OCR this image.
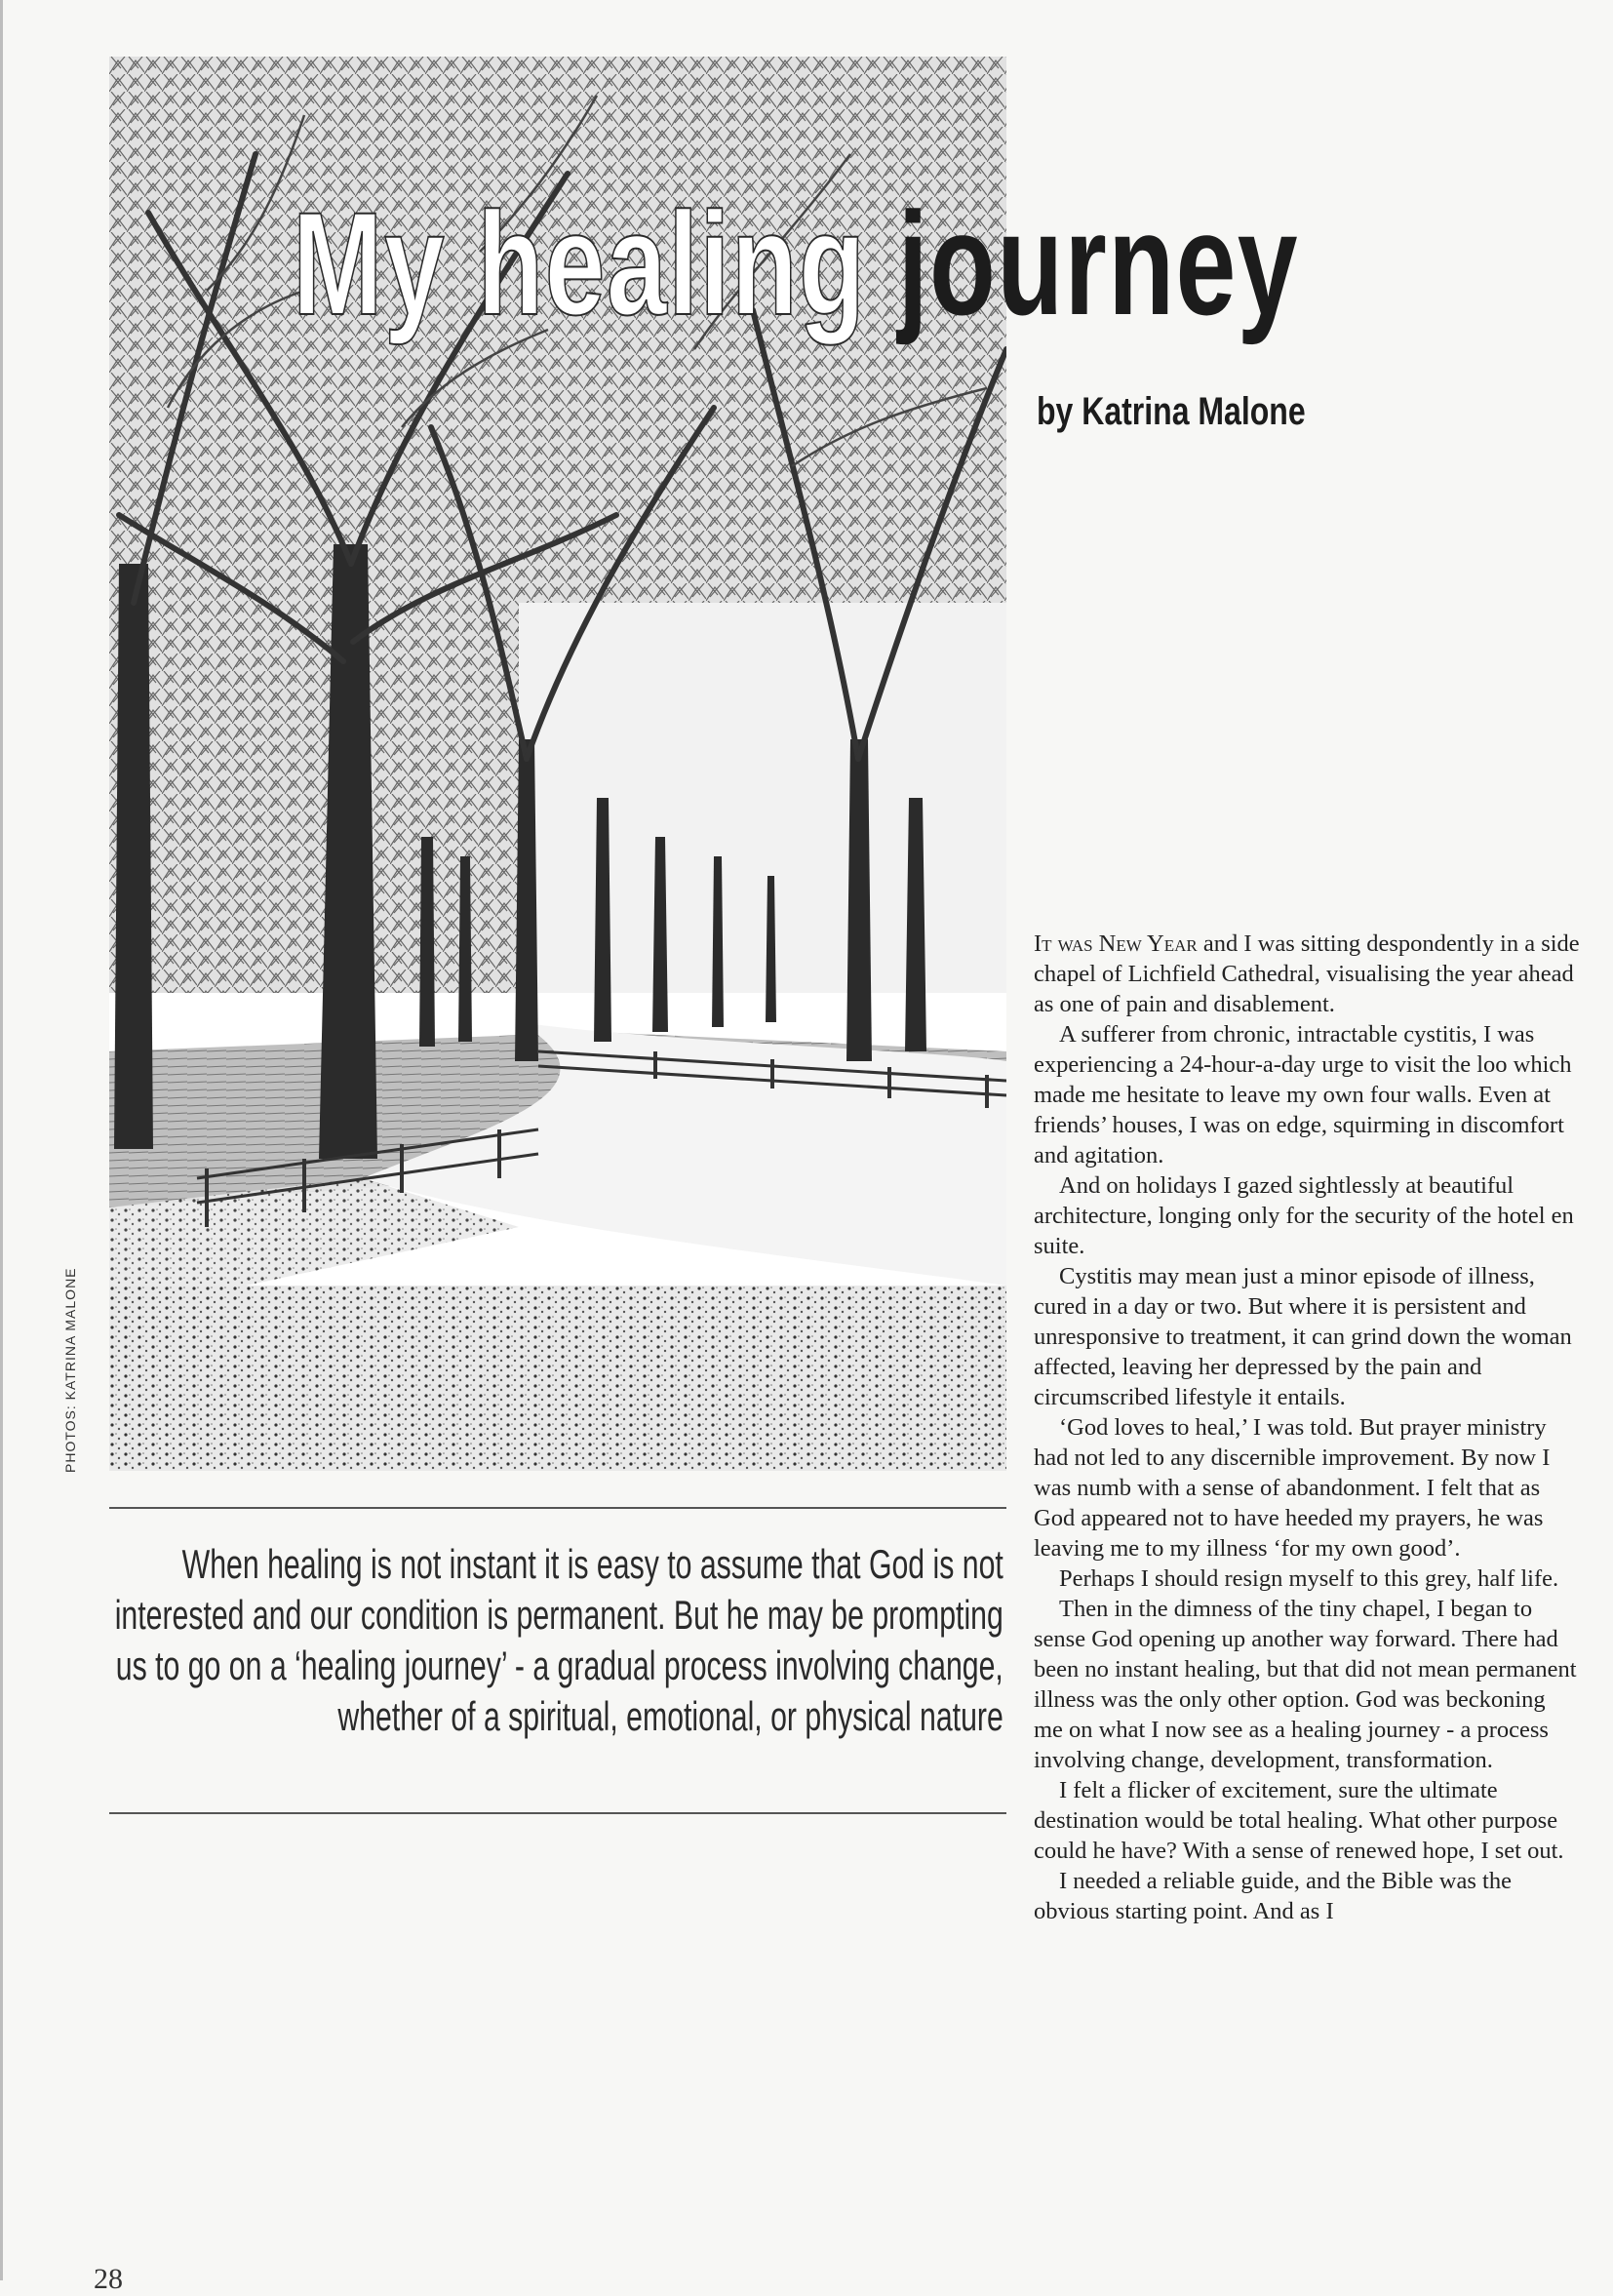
PHOTOS: KATRINA MALONE
My healing journey

by Katrina Malone

When healing is not instant it is easy to assume that God is not interested and our condition is permanent. But he may be prompting us to go on a ‘healing journey’ - a gradual process involving change, whether of a spiritual, emotional, or physical nature

It was New Year and I was sitting despondently in a side chapel of Lichfield Cathedral, visualising the year ahead as one of pain and disablement.

A sufferer from chronic, intractable cystitis, I was experiencing a 24-hour-a-day urge to visit the loo which made me hesitate to leave my own four walls. Even at friends’ houses, I was on edge, squirming in discomfort and agitation.

And on holidays I gazed sightlessly at beautiful architecture, longing only for the security of the hotel en suite.

Cystitis may mean just a minor episode of illness, cured in a day or two. But where it is persistent and unresponsive to treatment, it can grind down the woman affected, leaving her depressed by the pain and circumscribed lifestyle it entails.

‘God loves to heal,’ I was told. But prayer ministry had not led to any discernible improvement. By now I was numb with a sense of abandonment. I felt that as God appeared not to have heeded my prayers, he was leaving me to my illness ‘for my own good’.

Perhaps I should resign myself to this grey, half life.

Then in the dimness of the tiny chapel, I began to sense God opening up another way forward. There had been no instant healing, but that did not mean permanent illness was the only other option. God was beckoning me on what I now see as a healing journey - a process involving change, development, transformation.

I felt a flicker of excitement, sure the ultimate destination would be total healing. What other purpose could he have? With a sense of renewed hope, I set out.

I needed a reliable guide, and the Bible was the obvious starting point. And as I

28
